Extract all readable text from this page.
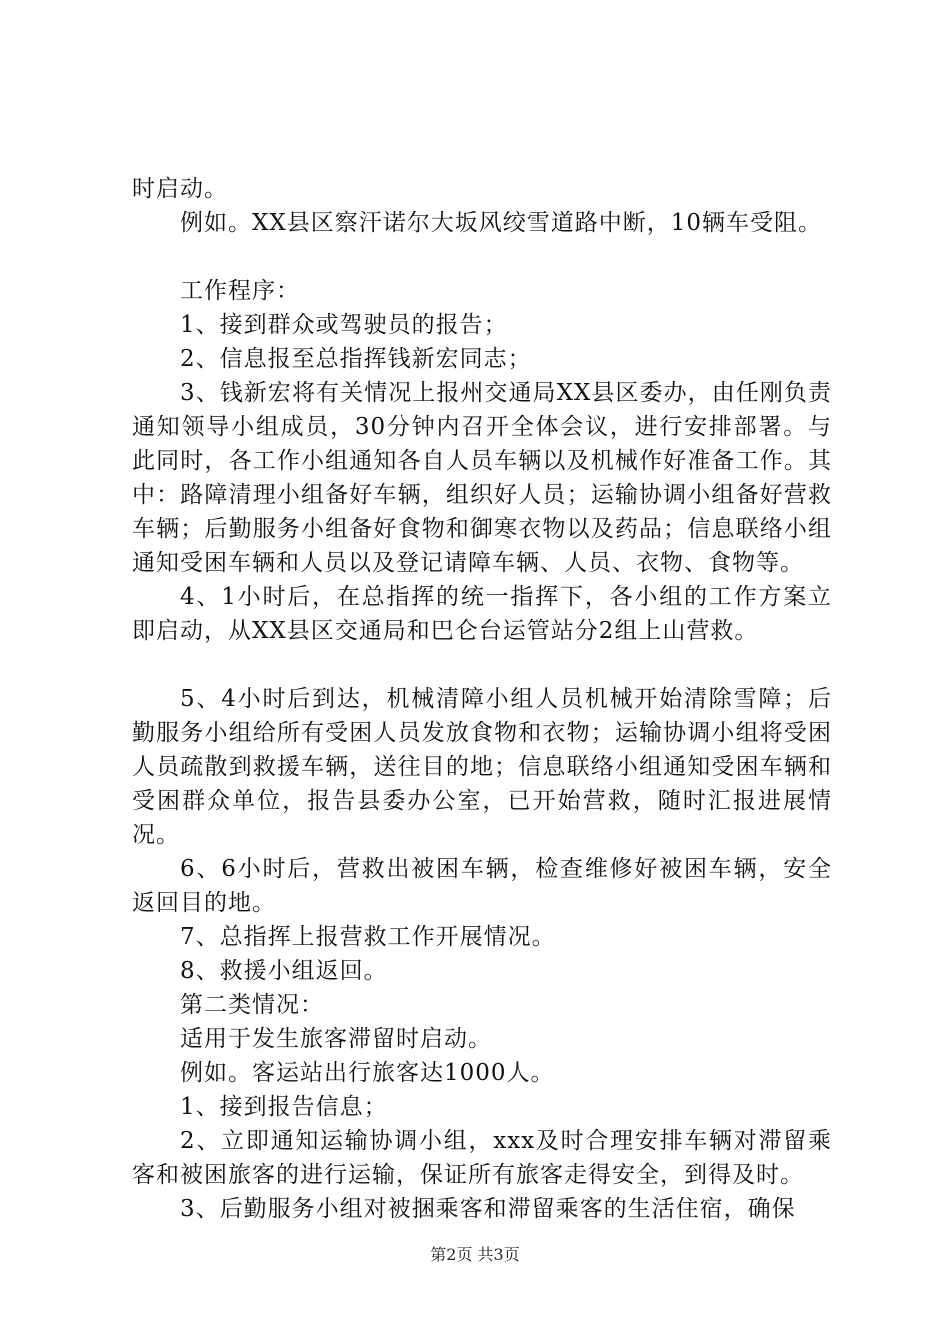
时启动。

例如。XX县区察汗诺尔大坂风绞雪道路中断，10辆车受阻。

工作程序：

1、接到群众或驾驶员的报告；

2、信息报至总指挥钱新宏同志；

3、钱新宏将有关情况上报州交通局XX县区委办，由任刚负责通知领导小组成员，30分钟内召开全体会议，进行安排部署。与此同时，各工作小组通知各自人员车辆以及机械作好准备工作。其中：路障清理小组备好车辆，组织好人员；运输协调小组备好营救车辆；后勤服务小组备好食物和御寒衣物以及药品；信息联络小组通知受困车辆和人员以及登记请障车辆、人员、衣物、食物等。

4、1小时后，在总指挥的统一指挥下，各小组的工作方案立即启动，从XX县区交通局和巴仑台运管站分2组上山营救。

5、4小时后到达，机械清障小组人员机械开始清除雪障；后勤服务小组给所有受困人员发放食物和衣物；运输协调小组将受困人员疏散到救援车辆，送往目的地；信息联络小组通知受困车辆和受困群众单位，报告县委办公室，已开始营救，随时汇报进展情况。

6、6小时后，营救出被困车辆，检查维修好被困车辆，安全返回目的地。

7、总指挥上报营救工作开展情况。

8、救援小组返回。

第二类情况：

适用于发生旅客滞留时启动。

例如。客运站出行旅客达1000人。

1、接到报告信息；

2、立即通知运输协调小组，xxx及时合理安排车辆对滞留乘客和被困旅客的进行运输，保证所有旅客走得安全，到得及时。

3、后勤服务小组对被捆乘客和滞留乘客的生活住宿，确保

第2页 共3页
